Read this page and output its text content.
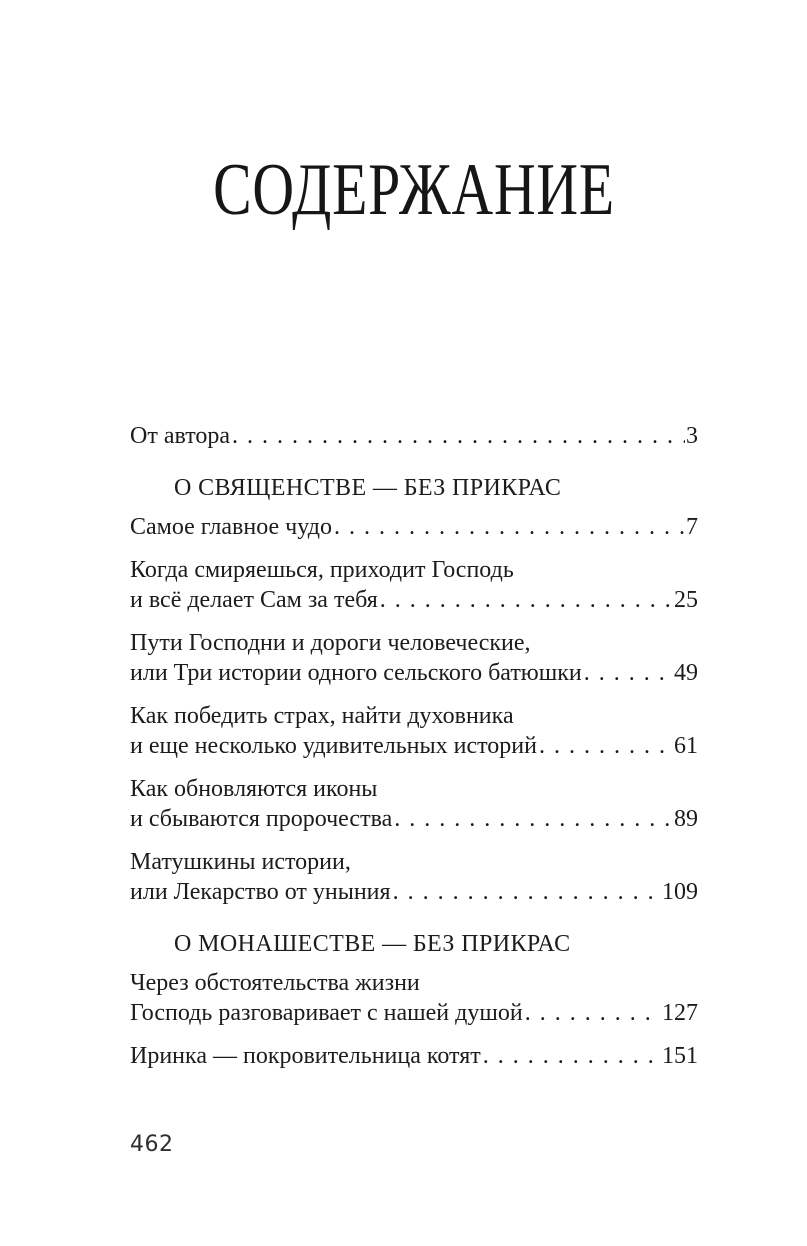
СОДЕРЖАНИЕ
От автора . . .	3
О СВЯЩЕНСТВЕ — БЕЗ ПРИКРАС
Самое главное чудо . . .	7
Когда смиряешься, приходит Господь
и всё делает Сам за тебя . . .	25
Пути Господни и дороги человеческие,
или Три истории одного сельского батюшки . . .	49
Как победить страх, найти духовника
и еще несколько удивительных историй . . .	61
Как обновляются иконы
и сбываются пророчества . . .	89
Матушкины истории,
или Лекарство от уныния . . .	109
О МОНАШЕСТВЕ — БЕЗ ПРИКРАС
Через обстоятельства жизни
Господь разговаривает с нашей душой . . .	127
Иринка — покровительница котят . . .	151
462
